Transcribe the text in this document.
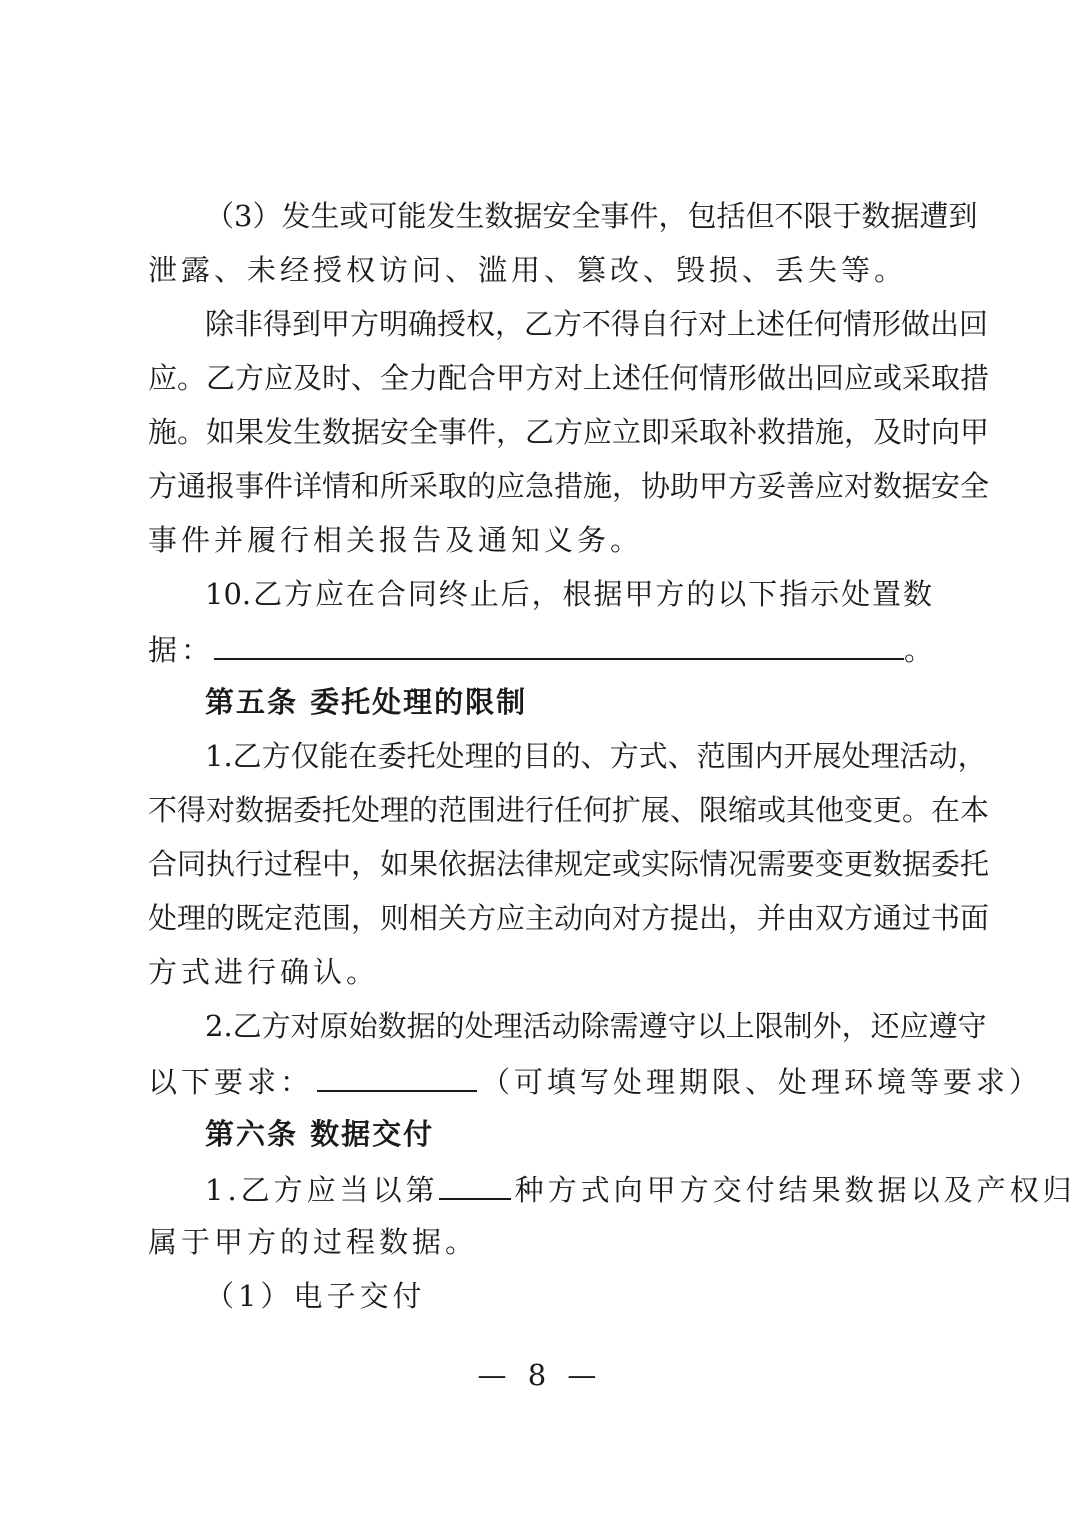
（3）发生或可能发生数据安全事件，包括但不限于数据遭到
泄露、未经授权访问、滥用、篡改、毁损、丢失等。
除非得到甲方明确授权，乙方不得自行对上述任何情形做出回
应。乙方应及时、全力配合甲方对上述任何情形做出回应或采取措
施。如果发生数据安全事件，乙方应立即采取补救措施，及时向甲
方通报事件详情和所采取的应急措施，协助甲方妥善应对数据安全
事件并履行相关报告及通知义务。
10.乙方应在合同终止后，根据甲方的以下指示处置数
据：	。
第五条 委托处理的限制
1.乙方仅能在委托处理的目的、方式、范围内开展处理活动，
不得对数据委托处理的范围进行任何扩展、限缩或其他变更。在本
合同执行过程中，如果依据法律规定或实际情况需要变更数据委托
处理的既定范围，则相关方应主动向对方提出，并由双方通过书面
方式进行确认。
2.乙方对原始数据的处理活动除需遵守以上限制外，还应遵守
以下要求：	（可填写处理期限、处理环境等要求）
第六条 数据交付
1.乙方应当以第	种方式向甲方交付结果数据以及产权归
属于甲方的过程数据。
（1）电子交付
— 8 —
